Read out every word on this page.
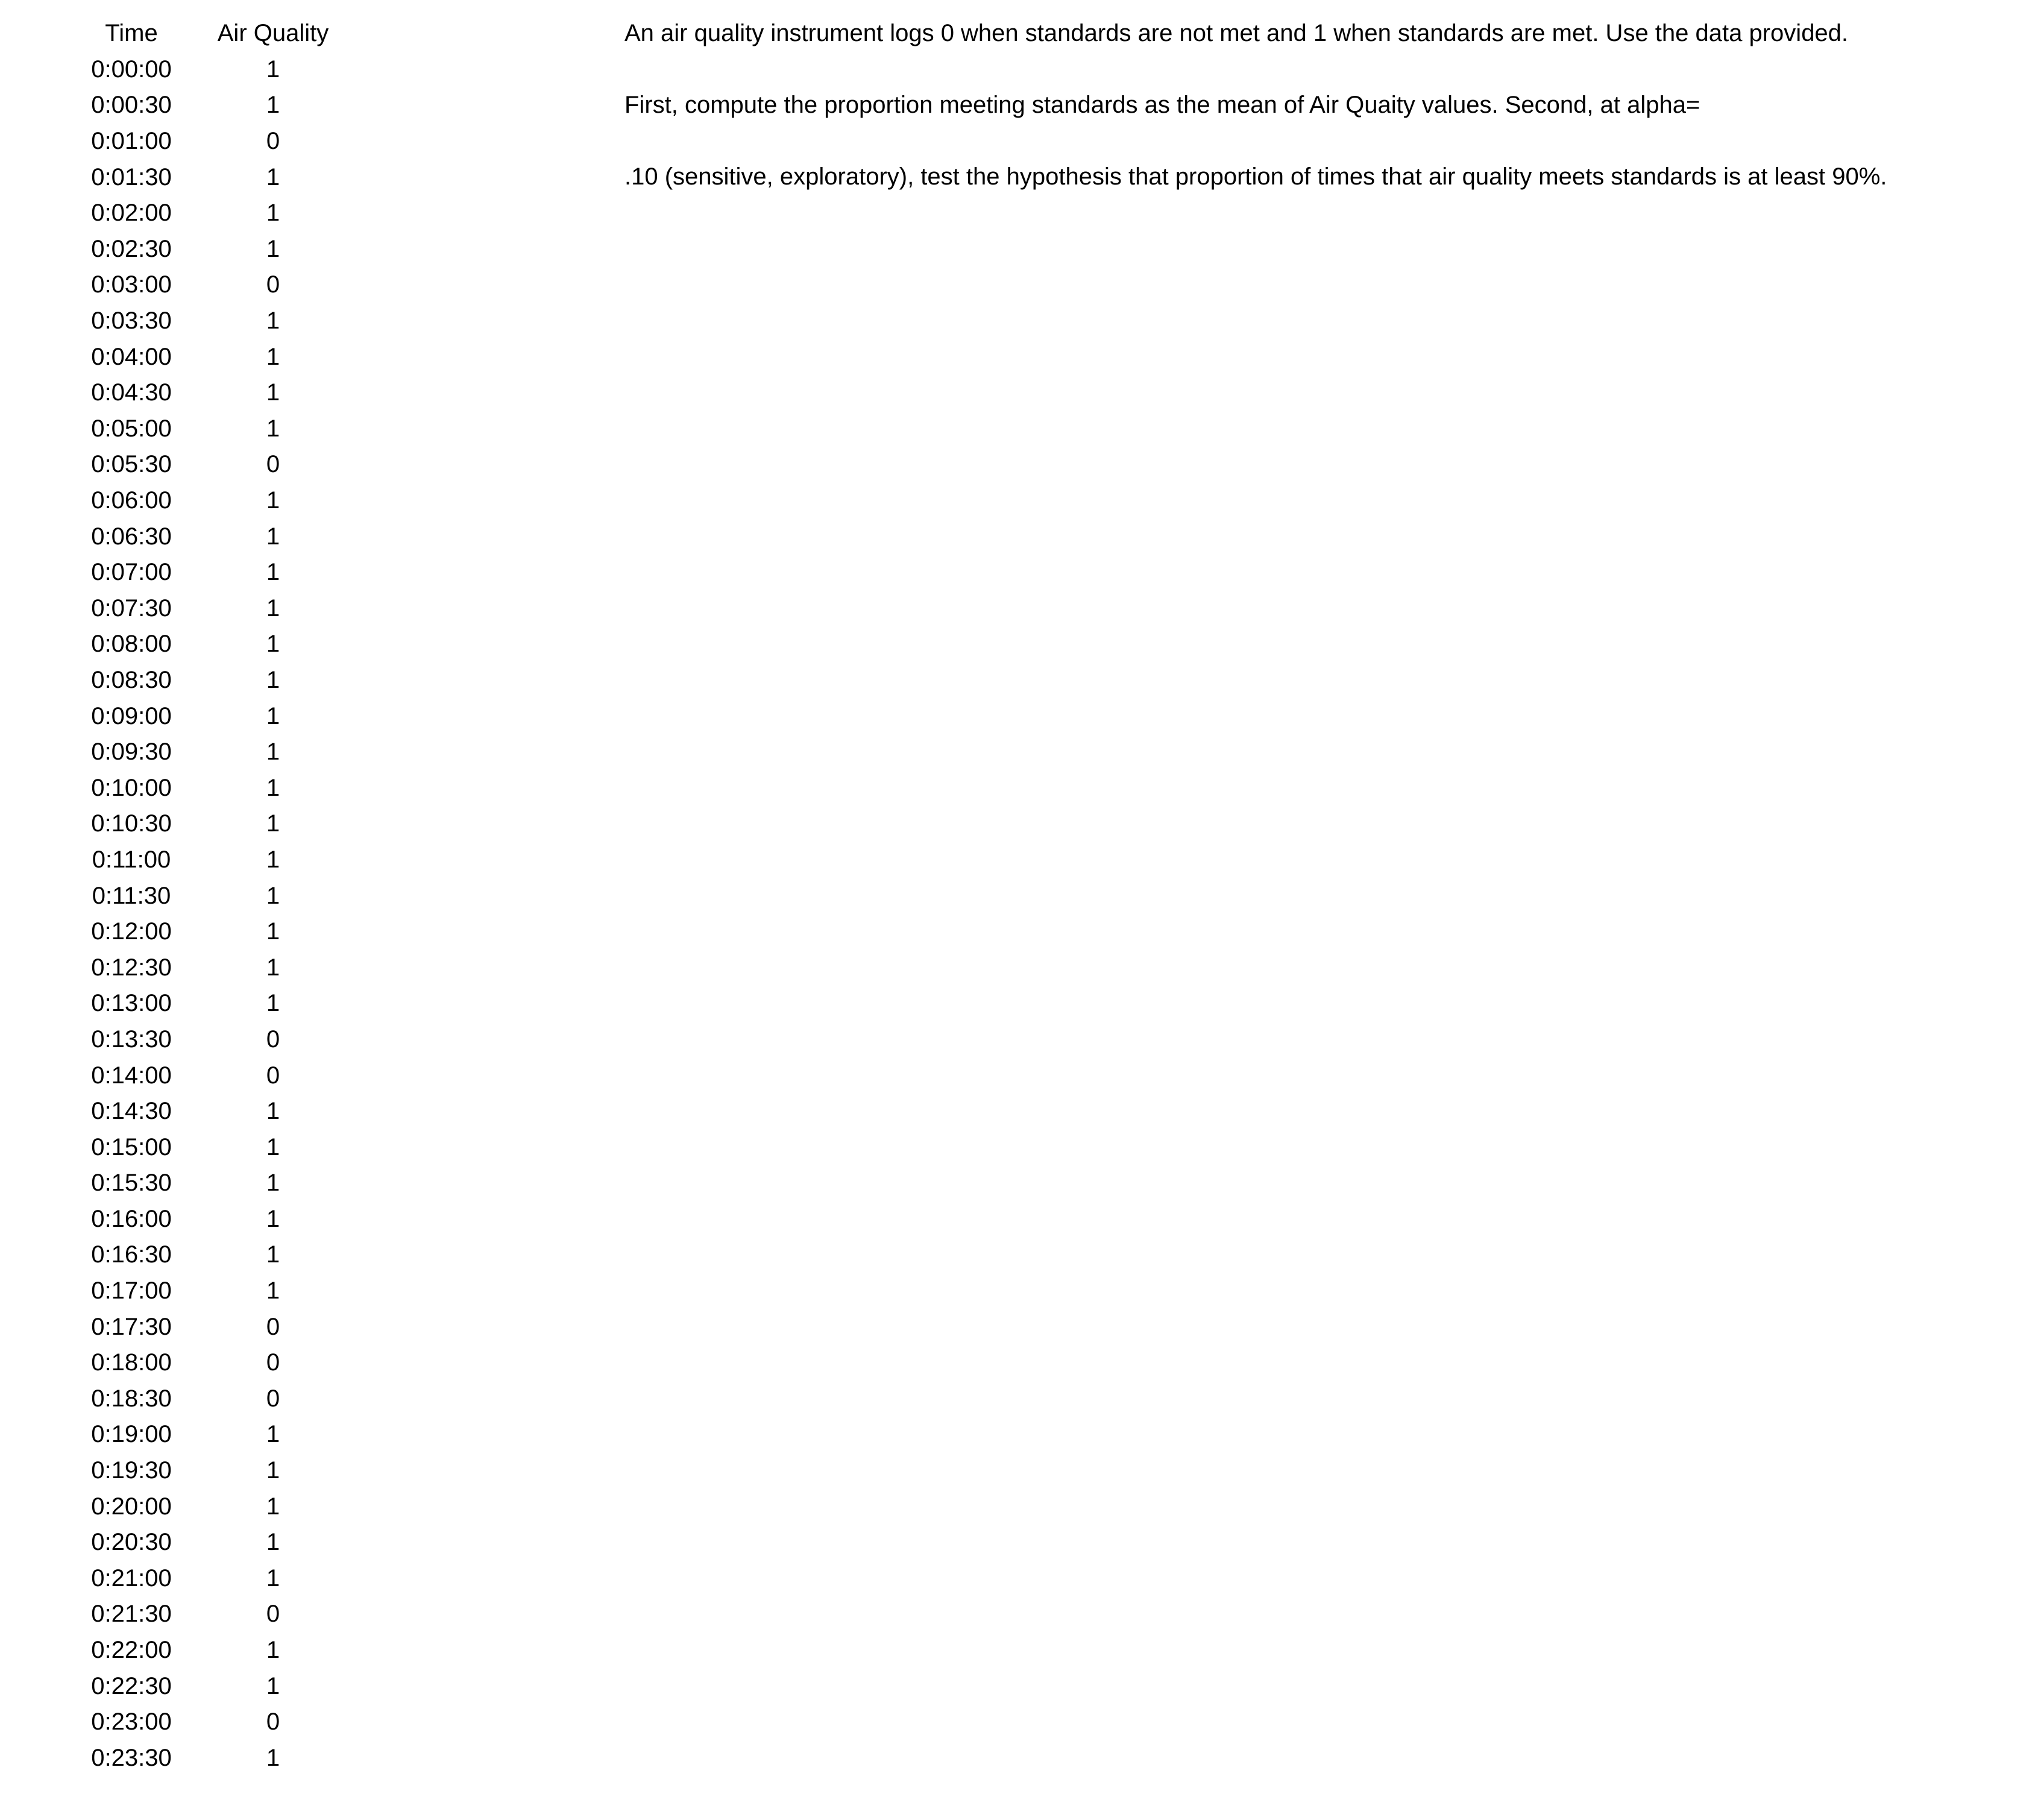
Time	Air Quality
0:00:00	1
0:00:30	1
0:01:00	0
0:01:30	1
0:02:00	1
0:02:30	1
0:03:00	0
0:03:30	1
0:04:00	1
0:04:30	1
0:05:00	1
0:05:30	0
0:06:00	1
0:06:30	1
0:07:00	1
0:07:30	1
0:08:00	1
0:08:30	1
0:09:00	1
0:09:30	1
0:10:00	1
0:10:30	1
0:11:00	1
0:11:30	1
0:12:00	1
0:12:30	1
0:13:00	1
0:13:30	0
0:14:00	0
0:14:30	1
0:15:00	1
0:15:30	1
0:16:00	1
0:16:30	1
0:17:00	1
0:17:30	0
0:18:00	0
0:18:30	0
0:19:00	1
0:19:30	1
0:20:00	1
0:20:30	1
0:21:00	1
0:21:30	0
0:22:00	1
0:22:30	1
0:23:00	0
0:23:30	1

An air quality instrument logs 0 when standards are not met and 1 when standards are met. Use the data provided.

First, compute the proportion meeting standards as the mean of Air Quaity values. Second, at alpha=

.10 (sensitive, exploratory), test the hypothesis that proportion of times that air quality meets standards is at least 90%.
